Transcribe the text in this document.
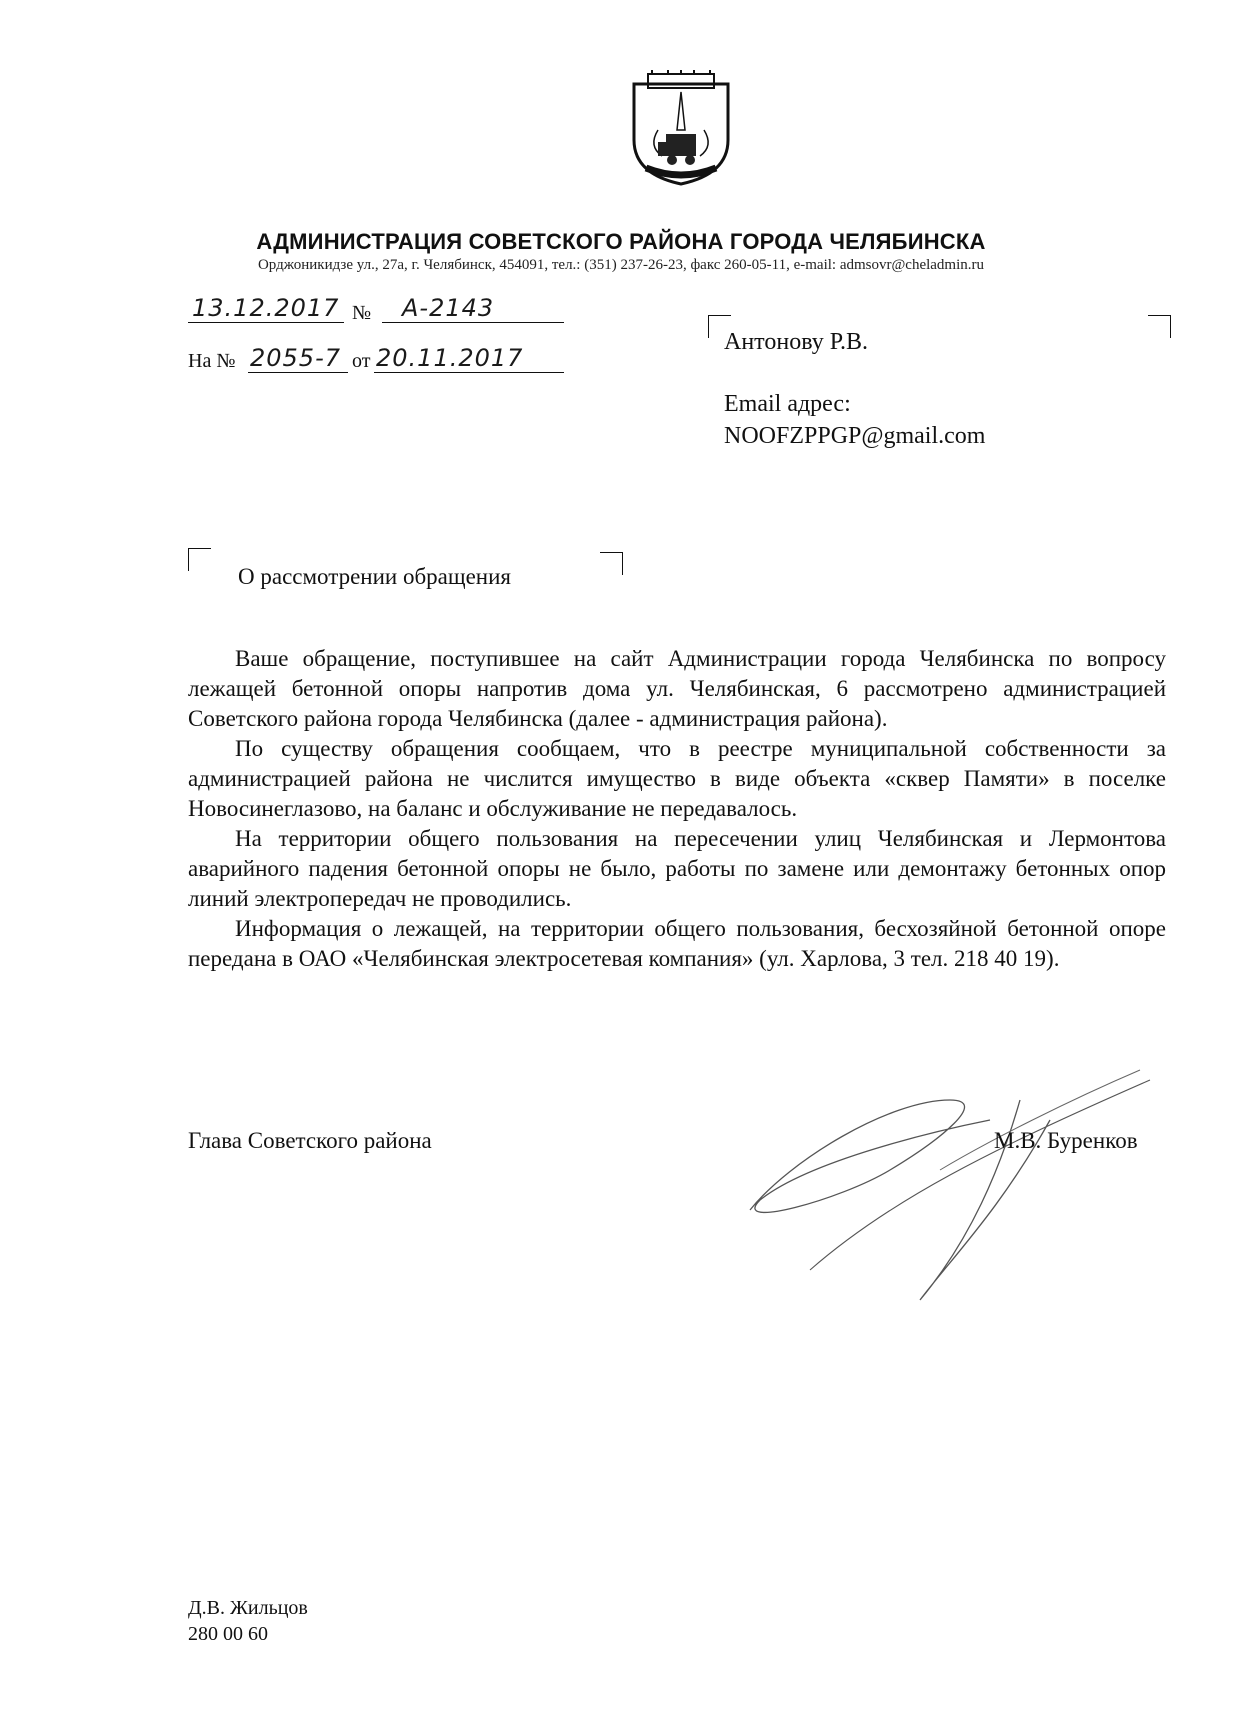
АДМИНИСТРАЦИЯ СОВЕТСКОГО РАЙОНА ГОРОДА ЧЕЛЯБИНСКА
Орджоникидзе ул., 27а, г. Челябинск, 454091, тел.: (351) 237-26-23, факс 260-05-11, e-mail: admsovr@cheladmin.ru
13.12.2017 № А-2143
На № 2055-7 от 20.11.2017
Антонову Р.В.
Email адрес:
NOOFZPPGP@gmail.com
О рассмотрении обращения

Ваше обращение, поступившее на сайт Администрации города Челябинска по вопросу лежащей бетонной опоры напротив дома ул. Челябинская, 6 рассмотрено администрацией Советского района города Челябинска (далее - администрация района).

По существу обращения сообщаем, что в реестре муниципальной собственности за администрацией района не числится имущество в виде объекта «сквер Памяти» в поселке Новосинеглазово, на баланс и обслуживание не передавалось.

На территории общего пользования на пересечении улиц Челябинская и Лермонтова аварийного падения бетонной опоры не было, работы по замене или демонтажу бетонных опор линий электропередач не проводились.

Информация о лежащей, на территории общего пользования, бесхозяйной бетонной опоре передана в ОАО «Челябинская электросетевая компания» (ул. Харлова, 3 тел. 218 40 19).

Глава Советского района	М.В. Буренков
Д.В. Жильцов
280 00 60
